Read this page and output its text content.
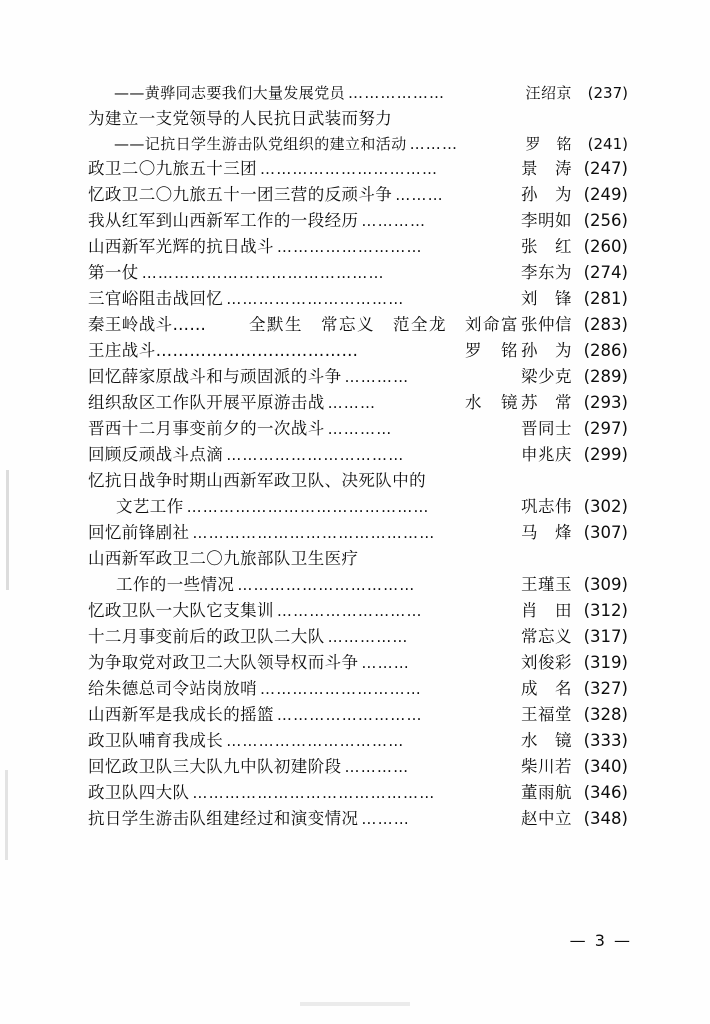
——黄骅同志要我们大量发展党员 ………………	汪绍京	(237)
为建立一支党领导的人民抗日武装而努力
——记抗日学生游击队党组织的建立和活动 ………	罗　铭	(241)
政卫二〇九旅五十三团 ……………………………	景　涛 (247)
忆政卫二〇九旅五十一团三营的反顽斗争 ………	孙　为 (249)
我从红军到山西新军工作的一段经历 …………	李明如 (256)
山西新军光辉的抗日战斗 ………………………	张　红 (260)
第一仗 ………………………………………	李东为 (274)
三官峪阻击战回忆 ……………………………	刘　锋 (281)
秦王岭战斗……	全默生　常忘义　范全龙　刘命富 张仲信 (283)
王庄战斗………………………………	罗　铭 孙　为 (286)
回忆薛家原战斗和与顽固派的斗争 …………	梁少克 (289)
组织敌区工作队开展平原游击战 ………	水　镜 苏　常 (293)
晋西十二月事变前夕的一次战斗 …………	晋同士 (297)
回顾反顽战斗点滴 ……………………………	申兆庆 (299)
忆抗日战争时期山西新军政卫队、决死队中的
文艺工作 ………………………………………	巩志伟 (302)
回忆前锋剧社 ………………………………………	马　烽 (307)
山西新军政卫二〇九旅部队卫生医疗
工作的一些情况 ……………………………	王瑾玉 (309)
忆政卫队一大队它支集训 ………………………	肖　田 (312)
十二月事变前后的政卫队二大队 ……………	常忘义 (317)
为争取党对政卫二大队领导权而斗争 ………	刘俊彩 (319)
给朱德总司令站岗放哨 …………………………	成　名 (327)
山西新军是我成长的摇篮 ………………………	王福堂 (328)
政卫队哺育我成长 ……………………………	水　镜 (333)
回忆政卫队三大队九中队初建阶段 …………	柴川若 (340)
政卫队四大队 ………………………………………	董雨航 (346)
抗日学生游击队组建经过和演变情况 ………	赵中立 (348)
— 3 —
